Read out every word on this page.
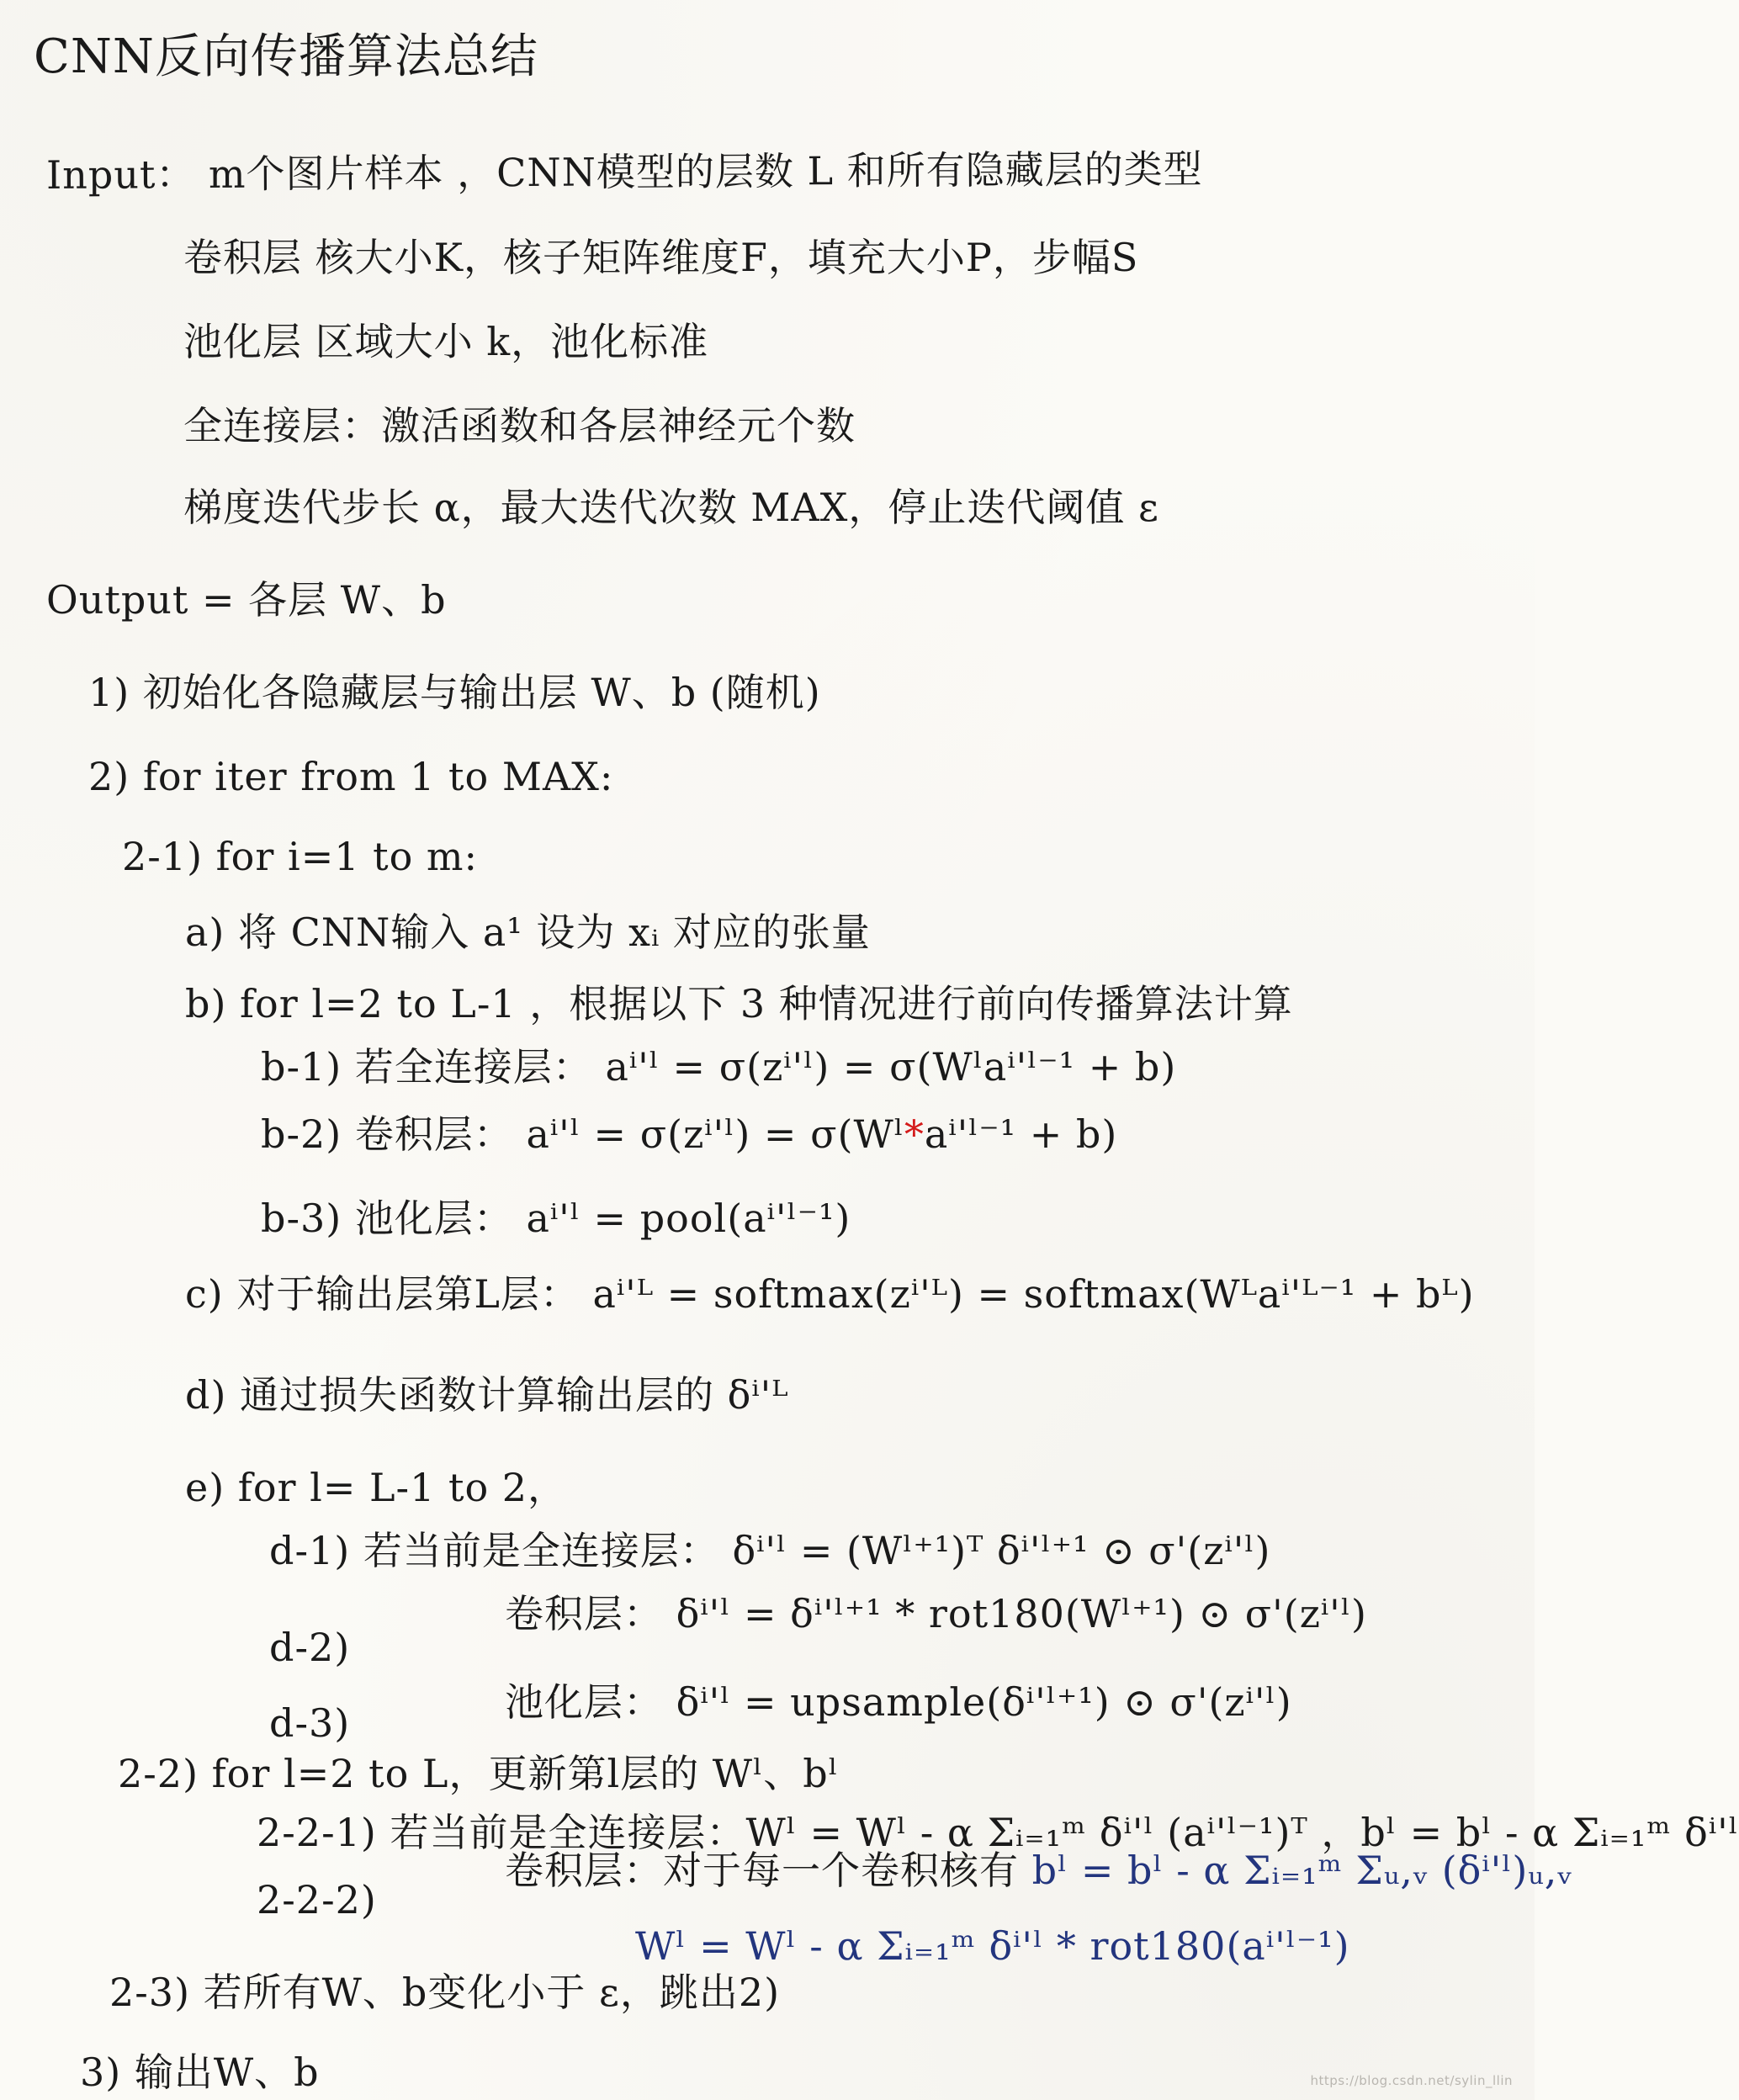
CNN反向传播算法总结
Input： m个图片样本 ，CNN模型的层数 L 和所有隐藏层的类型
卷积层 核大小K，核子矩阵维度F，填充大小P，步幅S
池化层 区域大小 k，池化标准
全连接层：激活函数和各层神经元个数
梯度迭代步长 α，最大迭代次数 MAX，停止迭代阈值 ε
Output = 各层 W、b
1) 初始化各隐藏层与输出层 W、b (随机)
2) for iter from 1 to MAX:
2-1) for i=1 to m:
a) 将 CNN输入 a¹ 设为 xᵢ 对应的张量
b) for l=2 to L-1 ，根据以下 3 种情况进行前向传播算法计算
b-1) 若全连接层： aⁱ'ˡ = σ(zⁱ'ˡ) = σ(Wˡaⁱ'ˡ⁻¹ + b)
b-2) 卷积层： aⁱ'ˡ = σ(zⁱ'ˡ) = σ(Wˡ*aⁱ'ˡ⁻¹ + b)
b-3) 池化层： aⁱ'ˡ = pool(aⁱ'ˡ⁻¹)
c) 对于输出层第L层： aⁱ'ᴸ = softmax(zⁱ'ᴸ) = softmax(Wᴸaⁱ'ᴸ⁻¹ + bᴸ)
d) 通过损失函数计算输出层的 δⁱ'ᴸ
e) for l= L-1 to 2，
d-1) 若当前是全连接层： δⁱ'ˡ = (Wˡ⁺¹)ᵀ δⁱ'ˡ⁺¹ ⊙ σ'(zⁱ'ˡ)
卷积层： δⁱ'ˡ = δⁱ'ˡ⁺¹ * rot180(Wˡ⁺¹) ⊙ σ'(zⁱ'ˡ)
d-2)
池化层： δⁱ'ˡ = upsample(δⁱ'ˡ⁺¹) ⊙ σ'(zⁱ'ˡ)
d-3)
2-2) for l=2 to L，更新第l层的 Wˡ、bˡ
2-2-1) 若当前是全连接层：Wˡ = Wˡ - α Σᵢ₌₁ᵐ δⁱ'ˡ (aⁱ'ˡ⁻¹)ᵀ ，bˡ = bˡ - α Σᵢ₌₁ᵐ δⁱ'ˡ
2-2-2)
卷积层：对于每一个卷积核有 bˡ = bˡ - α Σᵢ₌₁ᵐ Σᵤ,ᵥ (δⁱ'ˡ)ᵤ,ᵥ
Wˡ = Wˡ - α Σᵢ₌₁ᵐ δⁱ'ˡ * rot180(aⁱ'ˡ⁻¹)
2-3) 若所有W、b变化小于 ε，跳出2)
3) 输出W、b	https://blog.csdn.net/sylin_llin
